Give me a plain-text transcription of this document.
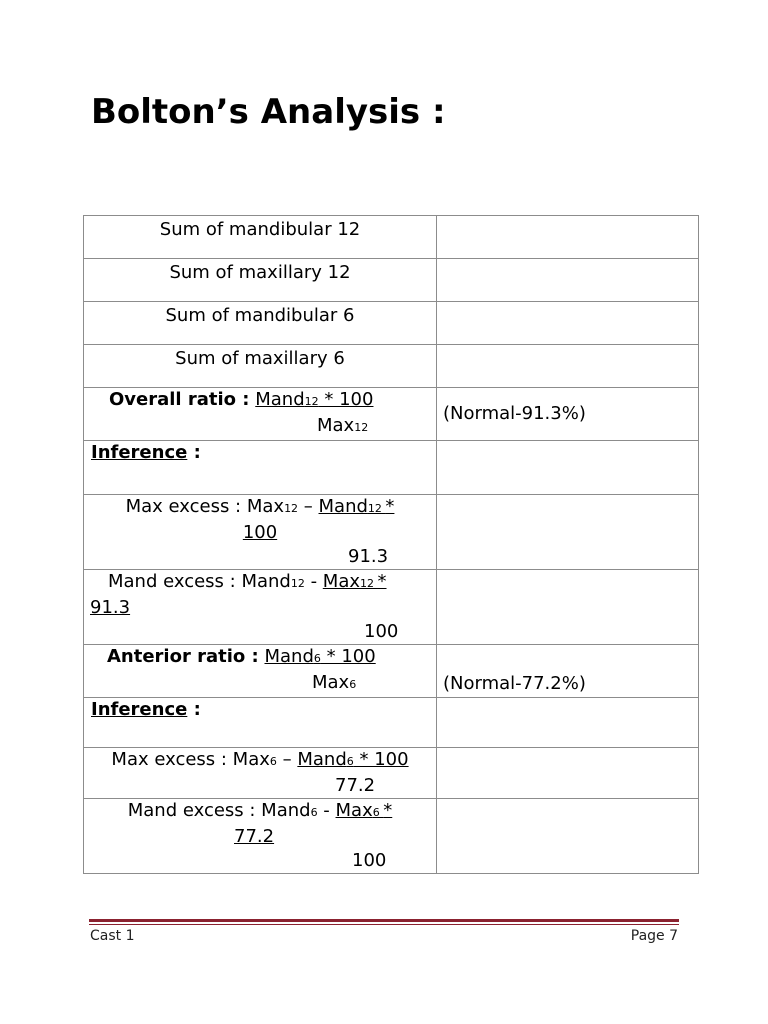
Bolton’s Analysis :
Sum of mandibular 12	
Sum of maxillary 12	
Sum of mandibular 6	
Sum of maxillary 6	

Overall ratio : Mand12 * 100
Max12	(Normal-91.3%)
Inference :	

Max excess : Max12 – Mand12 *
100
91.3	

Mand excess : Mand12 - Max12 *
91.3
100	

Anterior ratio : Mand6 * 100
Max6	(Normal-77.2%)
Inference :	

Max excess : Max6 – Mand6 * 100
77.2	

Mand excess : Mand6 - Max6 *
77.2
100	

Cast 1	Page 7
